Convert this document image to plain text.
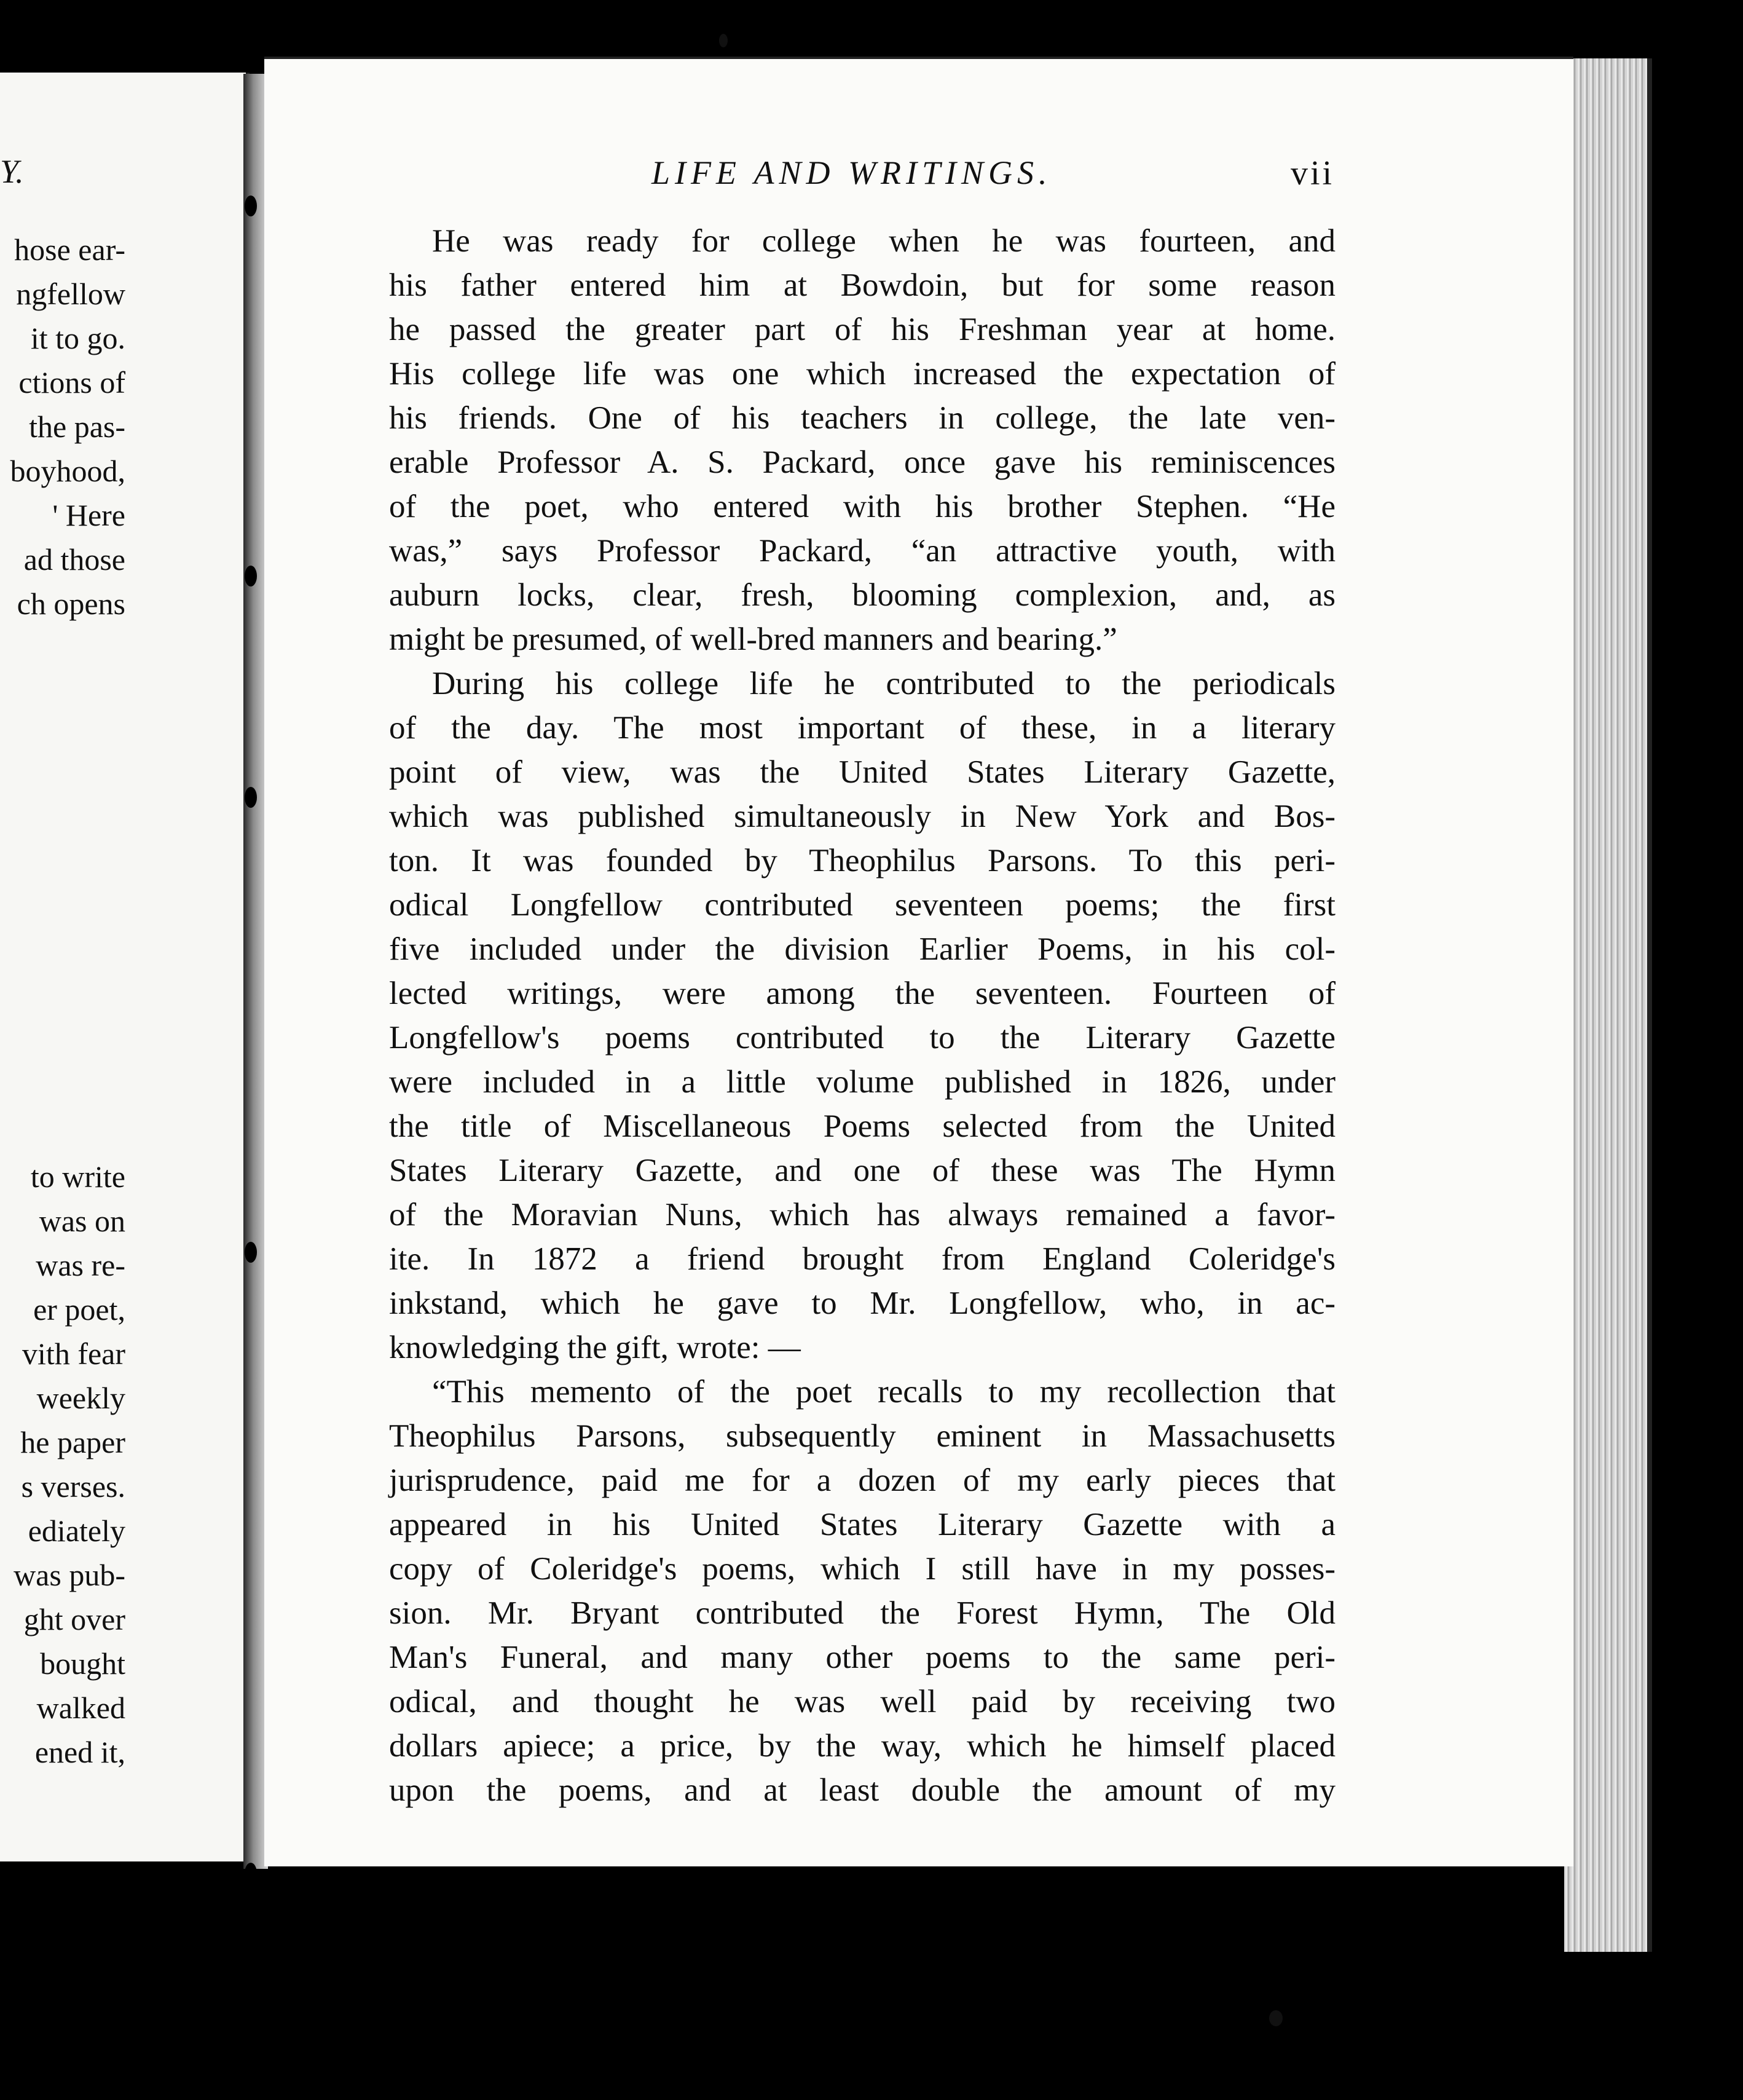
Y.
hose ear-
ngfellow
it to go.
ctions of
the pas-
boyhood,
' Here
ad those
ch opens
to write
was on
was re-
er poet,
vith fear
weekly
he paper
s verses.
ediately
was pub-
ght over
bought
walked
ened it,
LIFE AND WRITINGS.	vii
He was ready for college when he was fourteen, and
his father entered him at Bowdoin, but for some reason
he passed the greater part of his Freshman year at home.
His college life was one which increased the expectation of
his friends. One of his teachers in college, the late ven-
erable Professor A. S. Packard, once gave his reminiscences
of the poet, who entered with his brother Stephen. “He
was,” says Professor Packard, “an attractive youth, with
auburn locks, clear, fresh, blooming complexion, and, as
might be presumed, of well-bred manners and bearing.”
During his college life he contributed to the periodicals
of the day. The most important of these, in a literary
point of view, was the United States Literary Gazette,
which was published simultaneously in New York and Bos-
ton. It was founded by Theophilus Parsons. To this peri-
odical Longfellow contributed seventeen poems; the first
five included under the division Earlier Poems, in his col-
lected writings, were among the seventeen. Fourteen of
Longfellow's poems contributed to the Literary Gazette
were included in a little volume published in 1826, under
the title of Miscellaneous Poems selected from the United
States Literary Gazette, and one of these was The Hymn
of the Moravian Nuns, which has always remained a favor-
ite. In 1872 a friend brought from England Coleridge's
inkstand, which he gave to Mr. Longfellow, who, in ac-
knowledging the gift, wrote: —
“This memento of the poet recalls to my recollection that
Theophilus Parsons, subsequently eminent in Massachusetts
jurisprudence, paid me for a dozen of my early pieces that
appeared in his United States Literary Gazette with a
copy of Coleridge's poems, which I still have in my posses-
sion. Mr. Bryant contributed the Forest Hymn, The Old
Man's Funeral, and many other poems to the same peri-
odical, and thought he was well paid by receiving two
dollars apiece; a price, by the way, which he himself placed
upon the poems, and at least double the amount of my
